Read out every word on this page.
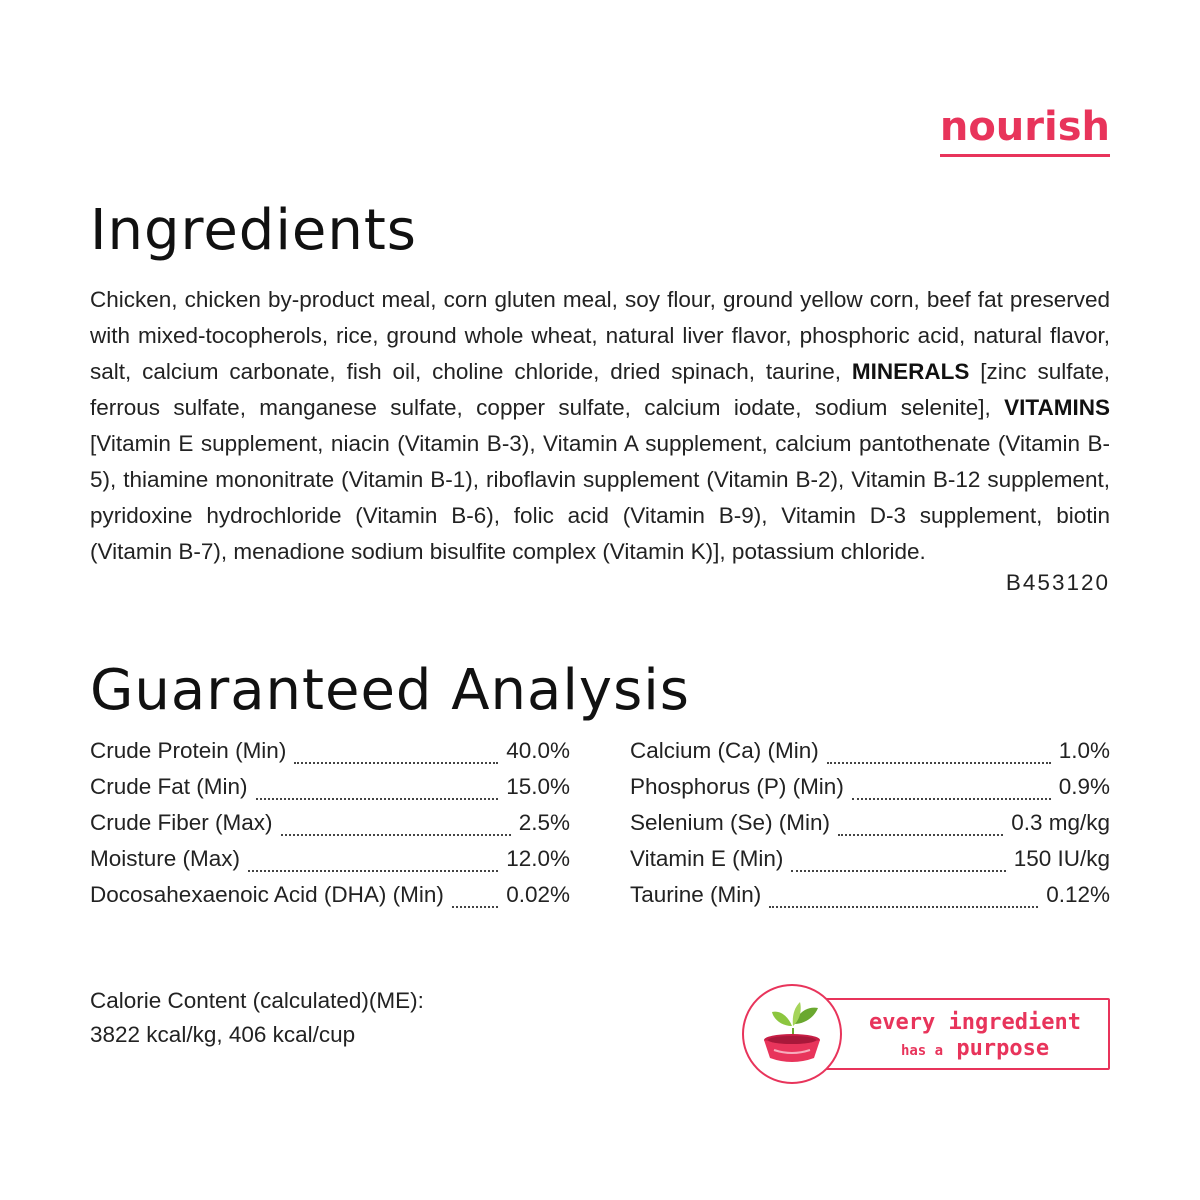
nourish
Ingredients

Chicken, chicken by-product meal, corn gluten meal, soy flour, ground yellow corn, beef fat preserved with mixed-tocopherols, rice, ground whole wheat, natural liver flavor, phosphoric acid, natural flavor, salt, calcium carbonate, fish oil, choline chloride, dried spinach, taurine, MINERALS [zinc sulfate, ferrous sulfate, manganese sulfate, copper sulfate, calcium iodate, sodium selenite], VITAMINS [Vitamin E supplement, niacin (Vitamin B-3), Vitamin A supplement, calcium pantothenate (Vitamin B-5), thiamine mononitrate (Vitamin B-1), riboflavin supplement (Vitamin B-2), Vitamin B-12 supplement, pyridoxine hydrochloride (Vitamin B-6), folic acid (Vitamin B-9), Vitamin D-3 supplement, biotin (Vitamin B-7), menadione sodium bisulfite complex (Vitamin K)], potassium chloride.

B453120
Guaranteed Analysis
Crude Protein (Min)	40.0%
Crude Fat (Min)	15.0%
Crude Fiber (Max)	2.5%
Moisture (Max)	12.0%
Docosahexaenoic Acid (DHA) (Min)	0.02%
Calcium (Ca) (Min)	1.0%
Phosphorus (P) (Min)	0.9%
Selenium (Se) (Min)	0.3 mg/kg
Vitamin E (Min)	150 IU/kg
Taurine (Min)	0.12%
Calorie Content (calculated)(ME):
3822 kcal/kg, 406 kcal/cup	every ingredient
has a purpose
